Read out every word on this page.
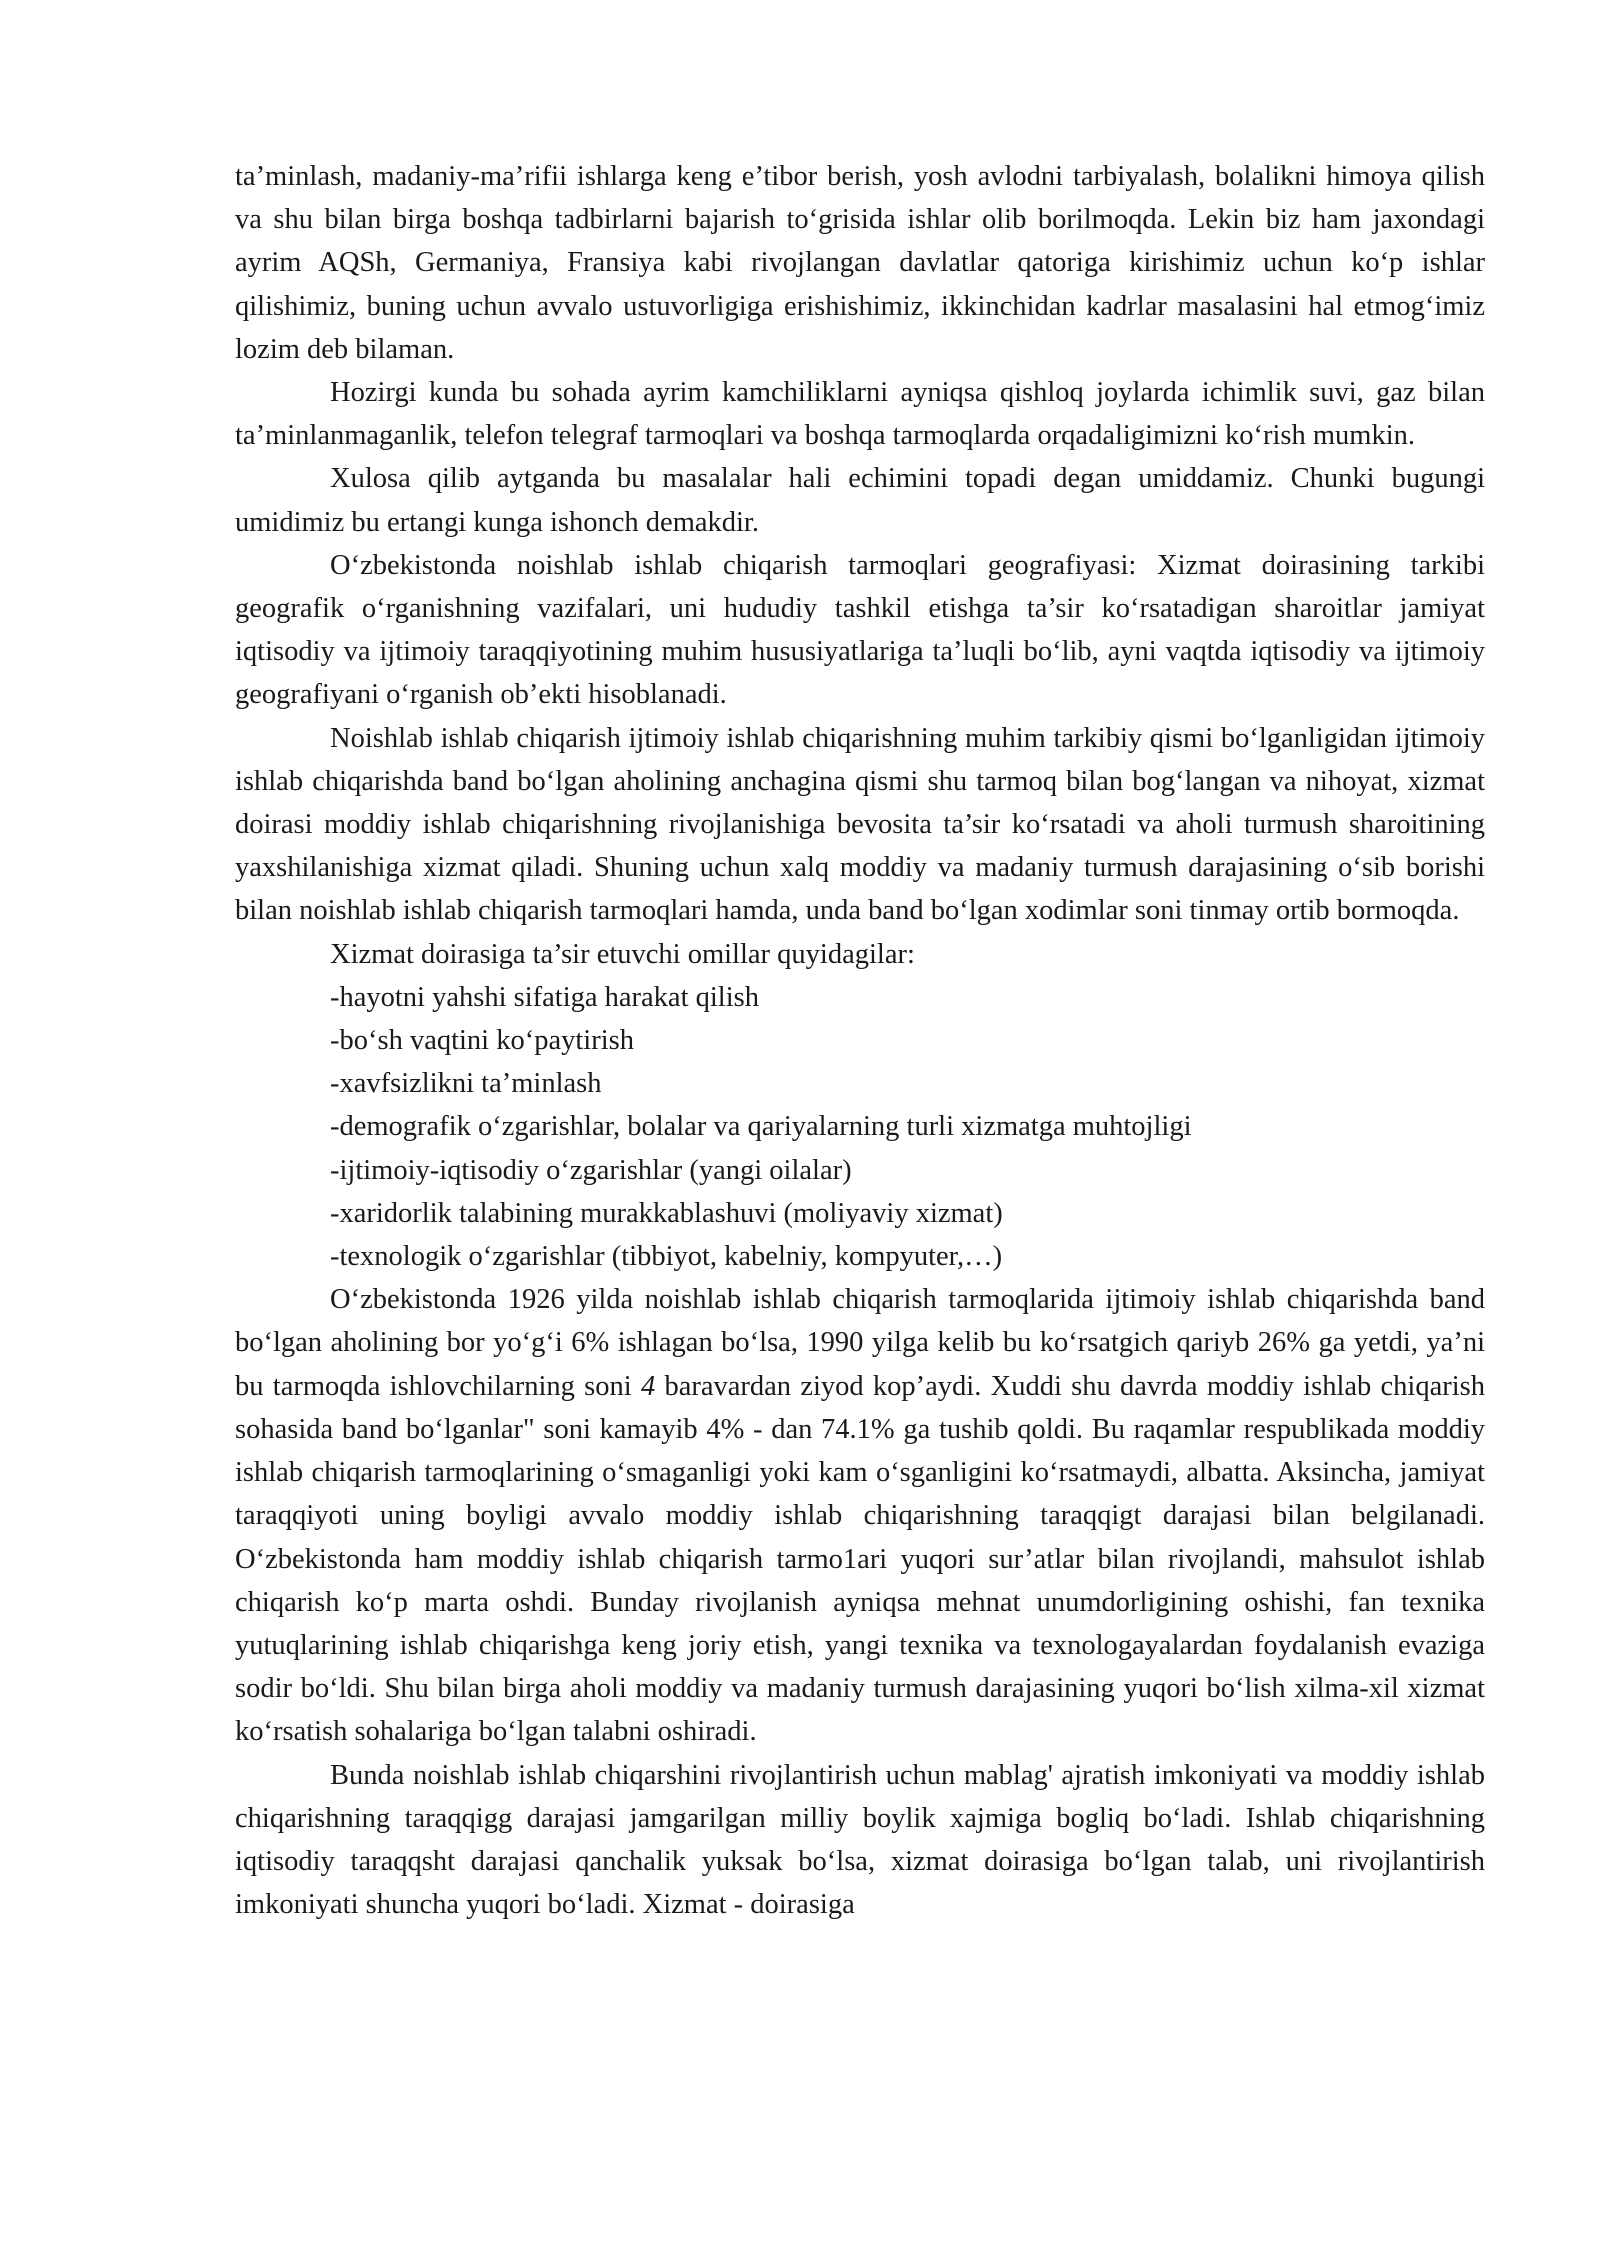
ta’minlash, madaniy-ma’rifii ishlarga keng e’tibor berish, yosh avlodni tarbiyalash, bolalikni himoya qilish va shu bilan birga boshqa tadbirlarni bajarish to‘grisida ishlar olib borilmoqda. Lekin biz ham jaxondagi ayrim AQSh, Germaniya, Fransiya kabi rivojlangan davlatlar qatoriga kirishimiz uchun ko‘p ishlar qilishimiz, buning uchun avvalo ustuvorligiga erishishimiz, ikkinchidan kadrlar masalasini hal etmog‘imiz lozim deb bilaman.

Hozirgi kunda bu sohada ayrim kamchiliklarni ayniqsa qishloq joylarda ichimlik suvi, gaz bilan ta’minlanmaganlik, telefon telegraf tarmoqlari va boshqa tarmoqlarda orqadaligimizni ko‘rish mumkin.

Xulosa qilib aytganda bu masalalar hali echimini topadi degan umiddamiz. Chunki bugungi umidimiz bu ertangi kunga ishonch demakdir.

O‘zbekistonda noishlab ishlab chiqarish tarmoqlari geografiyasi: Xizmat doirasining tarkibi geografik o‘rganishning vazifalari, uni hududiy tashkil etishga ta’sir ko‘rsatadigan sharoitlar jamiyat iqtisodiy va ijtimoiy taraqqiyotining muhim hususiyatlariga ta’luqli bo‘lib, ayni vaqtda iqtisodiy va ijtimoiy geografiyani o‘rganish ob’ekti hisoblanadi.

Noishlab ishlab chiqarish ijtimoiy ishlab chiqarishning muhim tarkibiy qismi bo‘lganligidan ijtimoiy ishlab chiqarishda band bo‘lgan aholining anchagina qismi shu tarmoq bilan bog‘langan va nihoyat, xizmat doirasi moddiy ishlab chiqarishning rivojlanishiga bevosita ta’sir ko‘rsatadi va aholi turmush sharoitining yaxshilanishiga xizmat qiladi. Shuning uchun xalq moddiy va madaniy turmush darajasining o‘sib borishi bilan noishlab ishlab chiqarish tarmoqlari hamda, unda band bo‘lgan xodimlar soni tinmay ortib bormoqda.

Xizmat doirasiga ta’sir etuvchi omillar quyidagilar:

-hayotni yahshi sifatiga harakat qilish

-bo‘sh vaqtini ko‘paytirish

-xavfsizlikni ta’minlash

-demografik o‘zgarishlar, bolalar va qariyalarning turli xizmatga muhtojligi

-ijtimoiy-iqtisodiy o‘zgarishlar (yangi oilalar)

-xaridorlik talabining murakkablashuvi (moliyaviy xizmat)

-texnologik o‘zgarishlar (tibbiyot, kabelniy, kompyuter,…)

O‘zbekistonda 1926 yilda noishlab ishlab chiqarish tarmoqlarida ijtimoiy ishlab chiqarishda band bo‘lgan aholining bor yo‘g‘i 6% ishlagan bo‘lsa, 1990 yilga kelib bu ko‘rsatgich qariyb 26% ga yetdi, ya’ni bu tarmoqda ishlovchilarning soni 4 baravardan ziyod kop’aydi. Xuddi shu davrda moddiy ishlab chiqarish sohasida band bo‘lganlar" soni kamayib 4% - dan 74.1% ga tushib qoldi. Bu raqamlar respublikada moddiy ishlab chiqarish tarmoqlarining o‘smaganligi yoki kam o‘sganligini ko‘rsatmaydi, albatta. Aksincha, jamiyat taraqqiyoti uning boyligi avvalo moddiy ishlab chiqarishning taraqqigt darajasi bilan belgilanadi. O‘zbekistonda ham moddiy ishlab chiqarish tarmo1ari yuqori sur’atlar bilan rivojlandi, mahsulot ishlab chiqarish ko‘p marta oshdi. Bunday rivojlanish ayniqsa mehnat unumdorligining oshishi, fan texnika yutuqlarining ishlab chiqarishga keng joriy etish, yangi texnika va texnologayalardan foydalanish evaziga sodir bo‘ldi. Shu bilan birga aholi moddiy va madaniy turmush darajasining yuqori bo‘lish xilma-xil xizmat ko‘rsatish sohalariga bo‘lgan talabni oshiradi.

Bunda noishlab ishlab chiqarshini rivojlantirish uchun mablag' ajratish imkoniyati va moddiy ishlab chiqarishning taraqqigg darajasi jamgarilgan milliy boylik xajmiga bogliq bo‘ladi. Ishlab chiqarishning iqtisodiy taraqqsht darajasi qanchalik yuksak bo‘lsa, xizmat doirasiga bo‘lgan talab, uni rivojlantirish imkoniyati shuncha yuqori bo‘ladi. Xizmat - doirasiga
